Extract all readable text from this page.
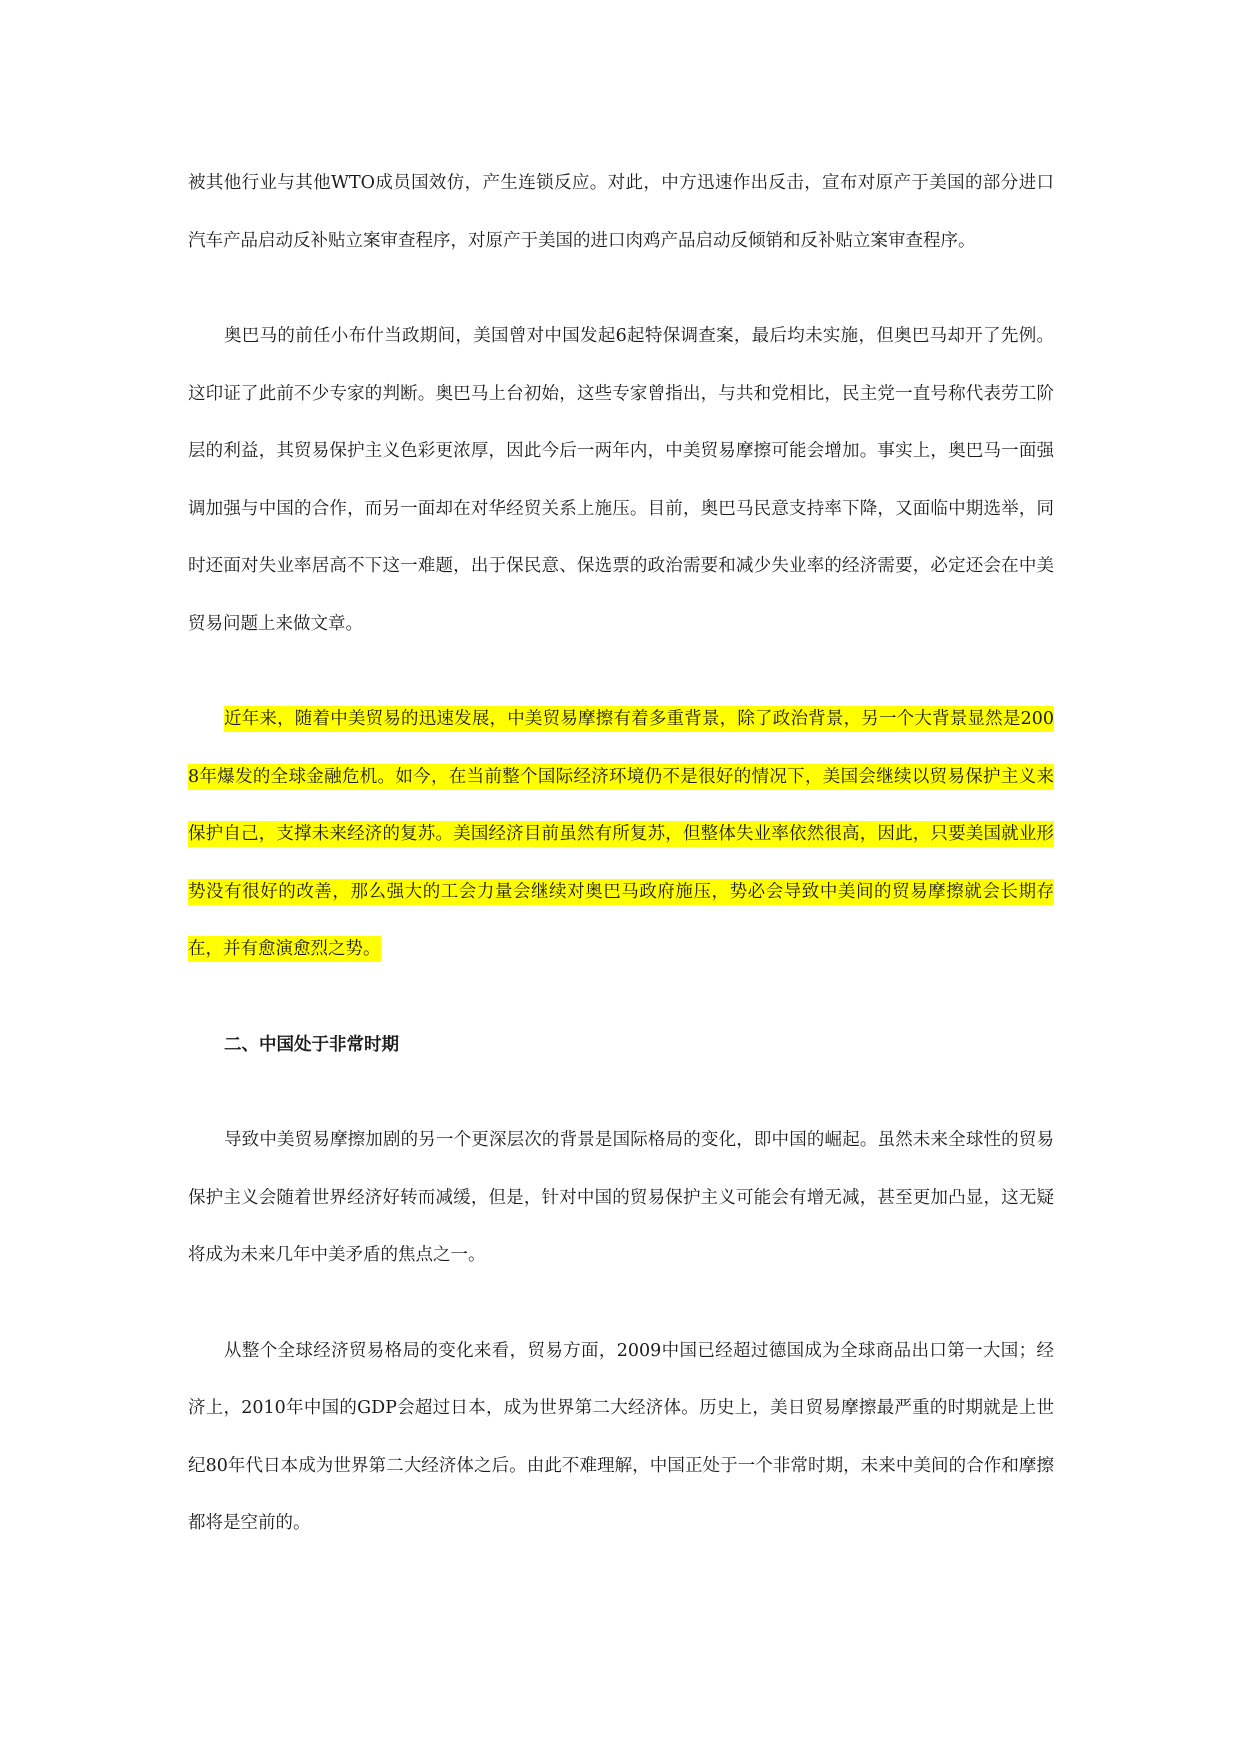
被其他行业与其他WTO成员国效仿，产生连锁反应。对此，中方迅速作出反击，宣布对原产于美国的部分进口汽车产品启动反补贴立案审查程序，对原产于美国的进口肉鸡产品启动反倾销和反补贴立案审查程序。

奥巴马的前任小布什当政期间，美国曾对中国发起6起特保调查案，最后均未实施，但奥巴马却开了先例。这印证了此前不少专家的判断。奥巴马上台初始，这些专家曾指出，与共和党相比，民主党一直号称代表劳工阶层的利益，其贸易保护主义色彩更浓厚，因此今后一两年内，中美贸易摩擦可能会增加。事实上，奥巴马一面强调加强与中国的合作，而另一面却在对华经贸关系上施压。目前，奥巴马民意支持率下降，又面临中期选举，同时还面对失业率居高不下这一难题，出于保民意、保选票的政治需要和减少失业率的经济需要，必定还会在中美贸易问题上来做文章。

近年来，随着中美贸易的迅速发展，中美贸易摩擦有着多重背景，除了政治背景，另一个大背景显然是2008年爆发的全球金融危机。如今，在当前整个国际经济环境仍不是很好的情况下，美国会继续以贸易保护主义来保护自己，支撑未来经济的复苏。美国经济目前虽然有所复苏，但整体失业率依然很高，因此，只要美国就业形势没有很好的改善，那么强大的工会力量会继续对奥巴马政府施压，势必会导致中美间的贸易摩擦就会长期存在，并有愈演愈烈之势。

二、中国处于非常时期

导致中美贸易摩擦加剧的另一个更深层次的背景是国际格局的变化，即中国的崛起。虽然未来全球性的贸易保护主义会随着世界经济好转而减缓，但是，针对中国的贸易保护主义可能会有增无减，甚至更加凸显，这无疑将成为未来几年中美矛盾的焦点之一。

从整个全球经济贸易格局的变化来看，贸易方面，2009中国已经超过德国成为全球商品出口第一大国；经济上，2010年中国的GDP会超过日本，成为世界第二大经济体。历史上，美日贸易摩擦最严重的时期就是上世纪80年代日本成为世界第二大经济体之后。由此不难理解，中国正处于一个非常时期，未来中美间的合作和摩擦都将是空前的。
